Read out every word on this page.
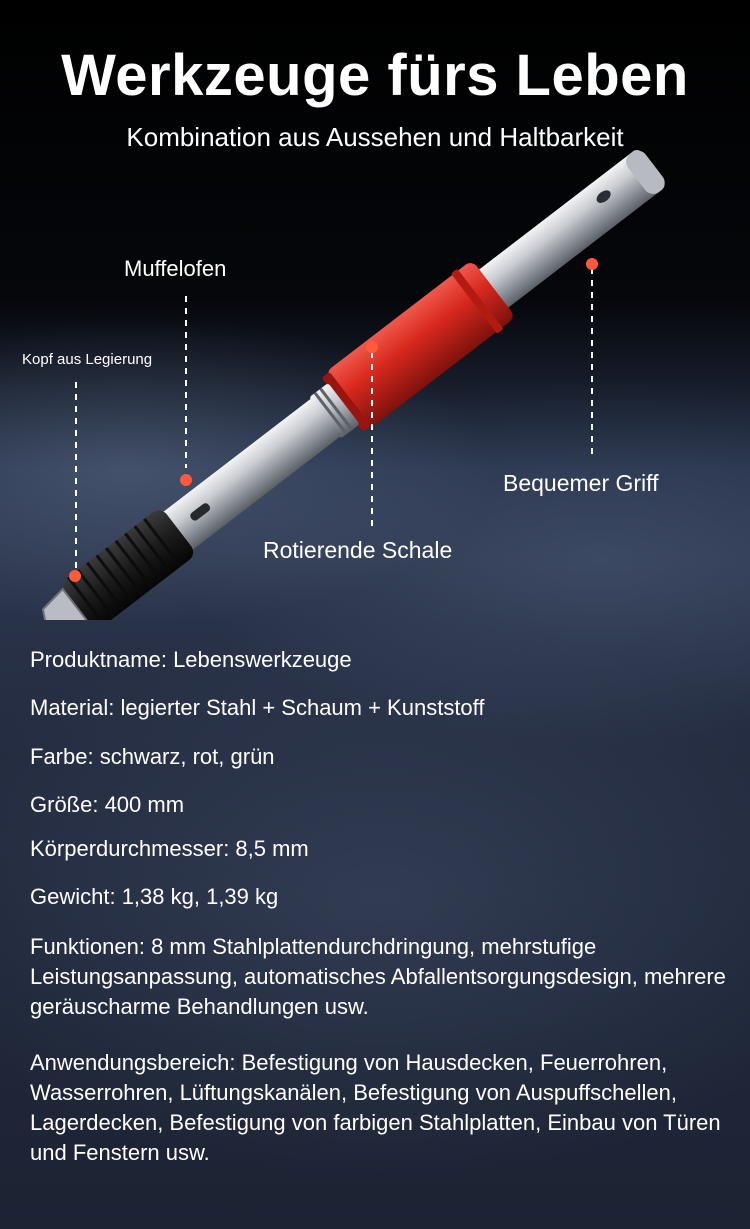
Werkzeuge fürs Leben
Kombination aus Aussehen und Haltbarkeit
Muffelofen
Kopf aus Legierung
Bequemer Griff
Rotierende Schale
Produktname: Lebenswerkzeuge
Material: legierter Stahl + Schaum + Kunststoff
Farbe: schwarz, rot, grün
Größe: 400 mm
Körperdurchmesser: 8,5 mm
Gewicht: 1,38 kg, 1,39 kg
Funktionen: 8 mm Stahlplattendurchdringung, mehrstufige Leistungsanpassung, automatisches Abfallentsorgungsdesign, mehrere geräuscharme Behandlungen usw.
Anwendungsbereich: Befestigung von Hausdecken, Feuerrohren, Wasserrohren, Lüftungskanälen, Befestigung von Auspuffschellen, Lagerdecken, Befestigung von farbigen Stahlplatten, Einbau von Türen und Fenstern usw.
